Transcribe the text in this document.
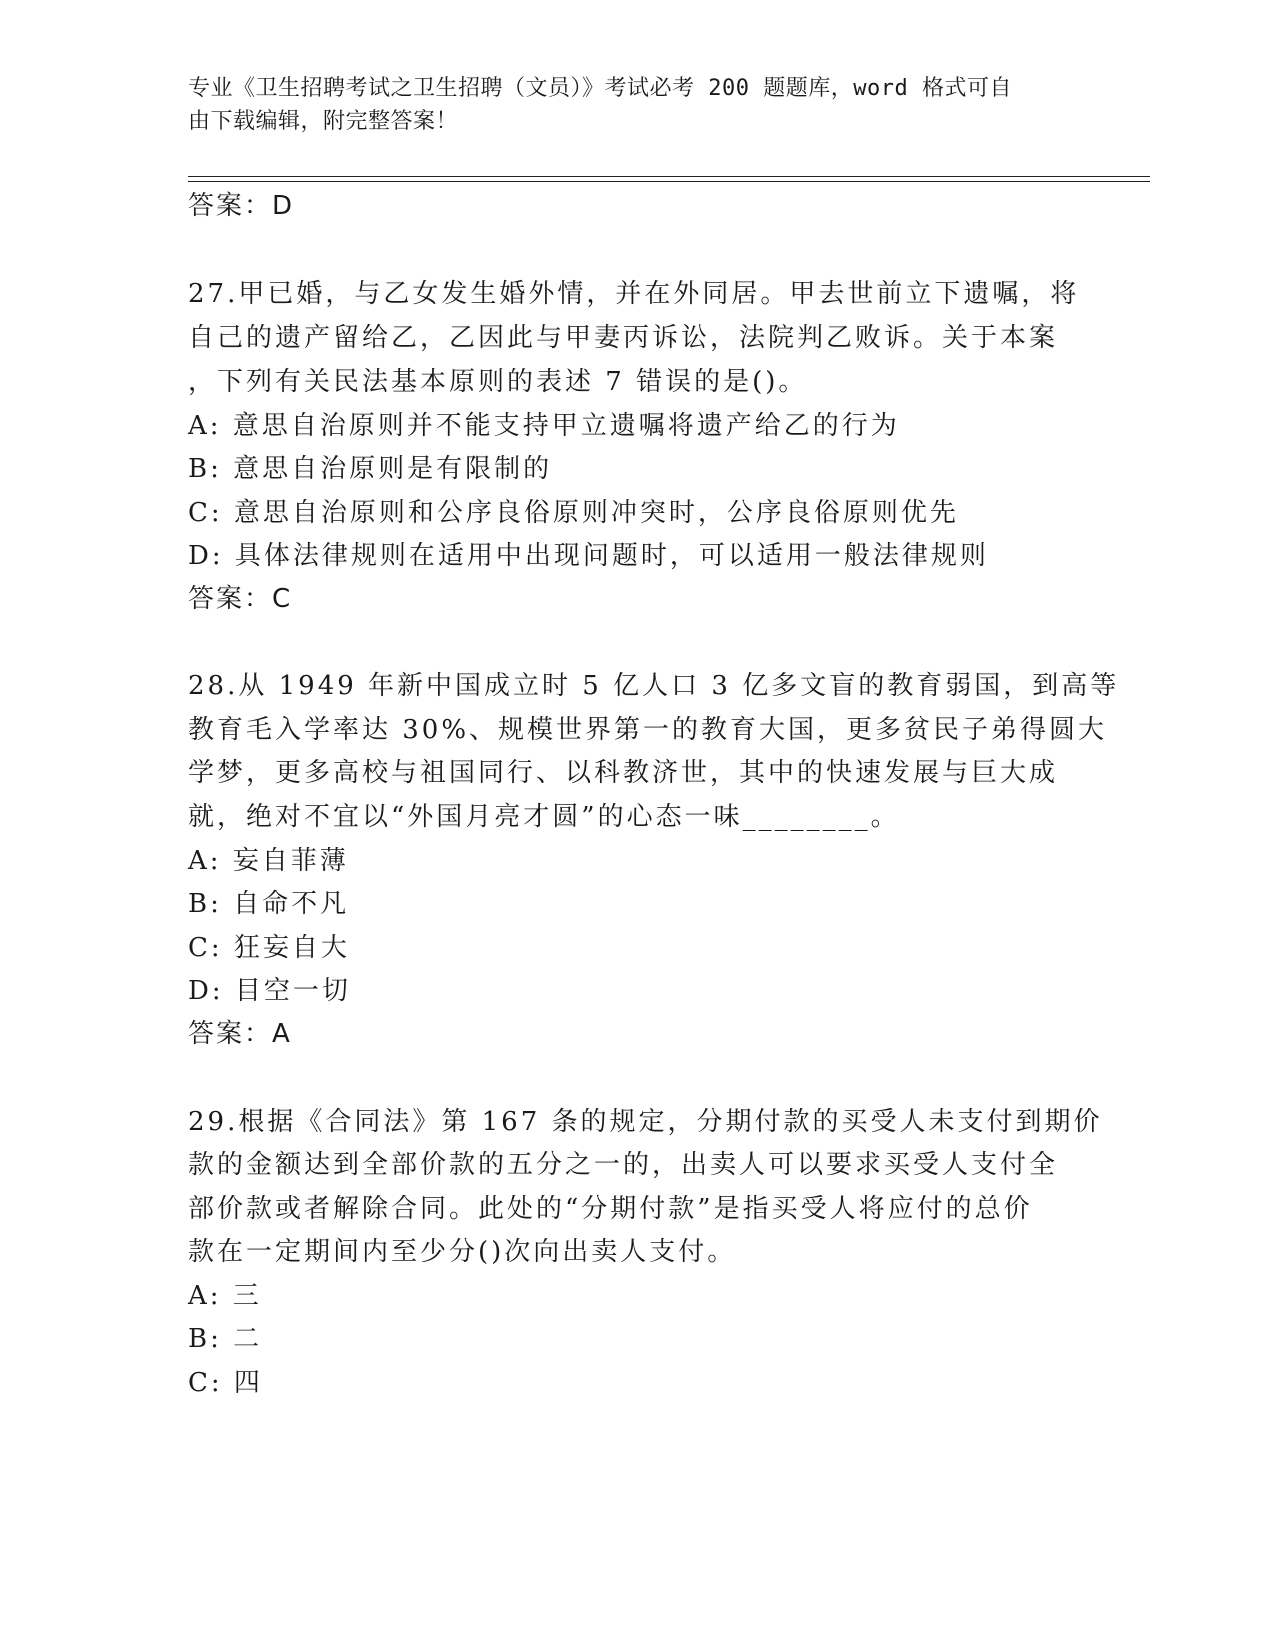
专业《卫生招聘考试之卫生招聘（文员）》考试必考 200 题题库，word 格式可自
由下载编辑，附完整答案！
答案：D
27.甲已婚，与乙女发生婚外情，并在外同居。甲去世前立下遗嘱，将
自己的遗产留给乙，乙因此与甲妻丙诉讼，法院判乙败诉。关于本案
，下列有关民法基本原则的表述 7 错误的是()。
A: 意思自治原则并不能支持甲立遗嘱将遗产给乙的行为
B: 意思自治原则是有限制的
C: 意思自治原则和公序良俗原则冲突时，公序良俗原则优先
D: 具体法律规则在适用中出现问题时，可以适用一般法律规则
答案：C
28.从 1949 年新中国成立时 5 亿人口 3 亿多文盲的教育弱国，到高等
教育毛入学率达 30%、规模世界第一的教育大国，更多贫民子弟得圆大
学梦，更多高校与祖国同行、以科教济世，其中的快速发展与巨大成
就，绝对不宜以“外国月亮才圆”的心态一味________。
A: 妄自菲薄
B: 自命不凡
C: 狂妄自大
D: 目空一切
答案：A
29.根据《合同法》第 167 条的规定，分期付款的买受人未支付到期价
款的金额达到全部价款的五分之一的，出卖人可以要求买受人支付全
部价款或者解除合同。此处的“分期付款”是指买受人将应付的总价
款在一定期间内至少分()次向出卖人支付。
A: 三
B: 二
C: 四
